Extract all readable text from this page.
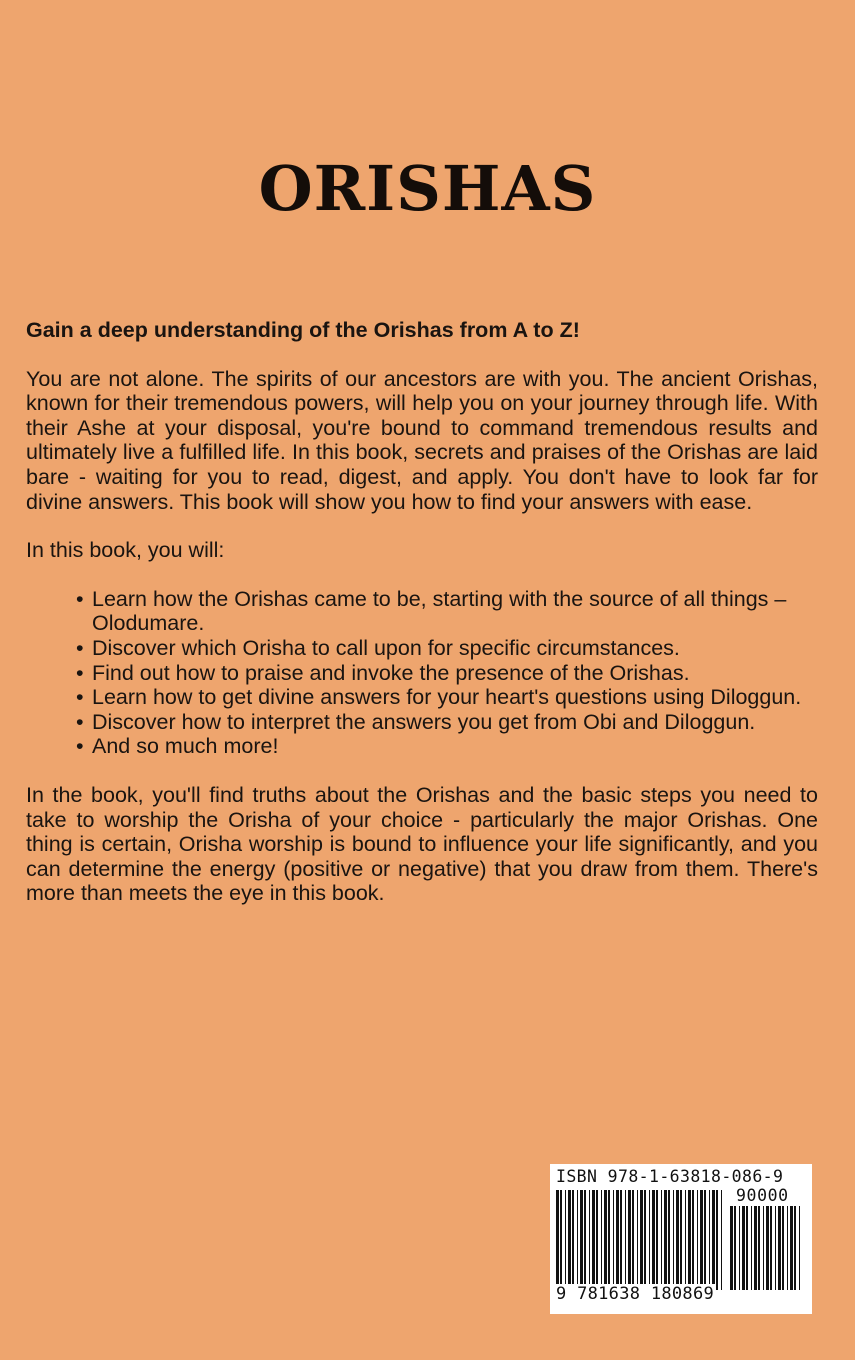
ORISHAS

Gain a deep understanding of the Orishas from A to Z!

You are not alone. The spirits of our ancestors are with you. The ancient Orishas, known for their tremendous powers, will help you on your journey through life. With their Ashe at your disposal, you're bound to command tremendous results and ultimately live a fulfilled life. In this book, secrets and praises of the Orishas are laid bare - waiting for you to read, digest, and apply. You don't have to look far for divine answers. This book will show you how to find your answers with ease.

In this book, you will:

• Learn how the Orishas came to be, starting with the source of all things – Olodumare.
• Discover which Orisha to call upon for specific circumstances.
• Find out how to praise and invoke the presence of the Orishas.
• Learn how to get divine answers for your heart's questions using Diloggun.
• Discover how to interpret the answers you get from Obi and Diloggun.
• And so much more!

In the book, you'll find truths about the Orishas and the basic steps you need to take to worship the Orisha of your choice - particularly the major Orishas. One thing is certain, Orisha worship is bound to influence your life significantly, and you can determine the energy (positive or negative) that you draw from them. There's more than meets the eye in this book.

ISBN 978-1-63818-086-9
90000
9 781638 180869
